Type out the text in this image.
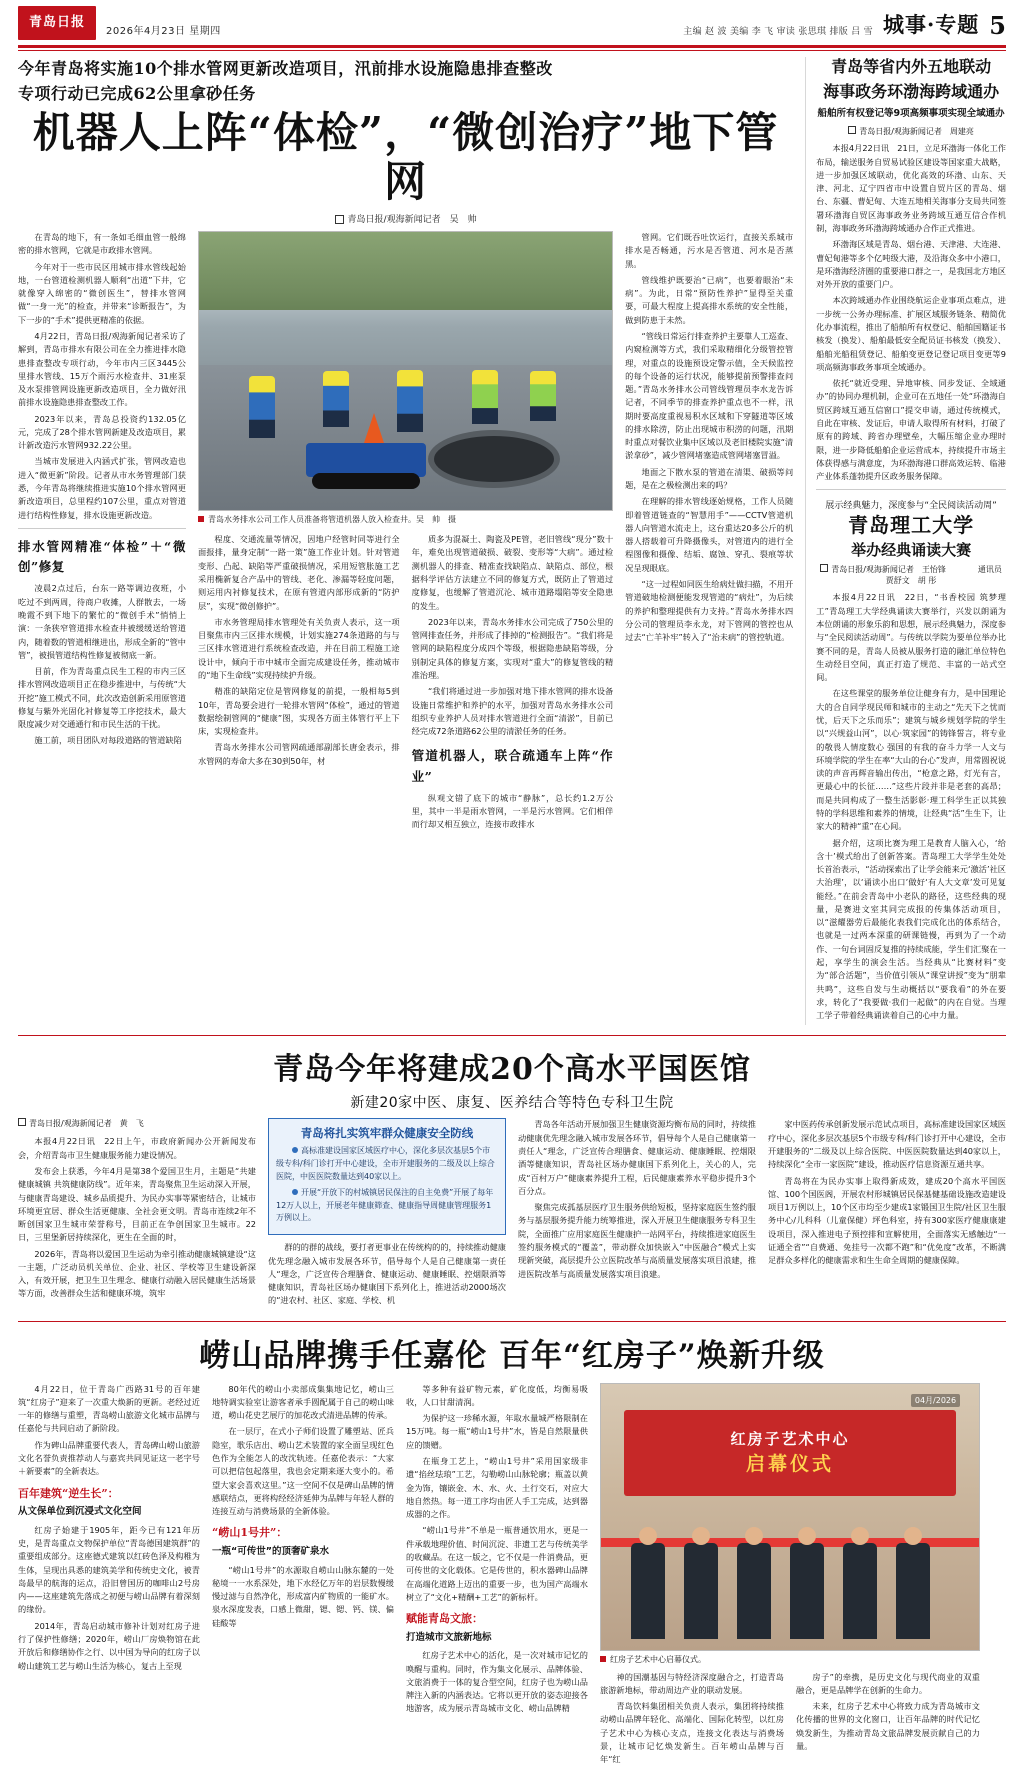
青岛日报
2026年4月23日 星期四	主编 赵 波 美编 李 飞 审读 张思琪 排版 吕 雪 城事·专题 5
今年青岛将实施10个排水管网更新改造项目，汛前排水设施隐患排查整改
专项行动已完成62公里拿砂任务
机器人上阵“体检”，“微创治疗”地下管网
青岛日报/观海新闻记者　吴　帅

在青岛的地下，有一条如毛细血管一般绵密的排水管网，它就是市政排水管网。

今年对于一些市民区用城市排水管线起始地，一台管道检测机器人顺利“出道”下井，它就像穿入绵密的“微创医生”，替排水管网做“一身一光”的检查，并带来“诊断报告”，为下一步的“手术”提供更精准的依据。

4月22日，青岛日报/观海新闻记者采访了解到，青岛市排水有限公司在全力推进排水隐患排查整改专项行动，今年市内三区3445公里排水管线、15万个雨污水检查井、31座泵及水泵排管网设施更新改造项目，全力做好汛前排水设施隐患排查整改工作。

2023年以来，青岛总投资约132.05亿元，完成了28个排水管网新建及改造项目，累计新改造污水管网932.22公里。

当城市发展进入内涵式扩张，管网改造也进入“微更新”阶段。记者从市水务管理部门获悉，今年青岛将继续推进实施10个排水管网更新改造项目，总里程约107公里，重点对管道进行结构性修复，排水设施更新改造。

排水管网精准“体检”＋“微创”修复

凌晨2点过后，台东一路等调边夜班，小吃过不到两周，待商户收摊，人群散去，一场晚霞不到下地下的繁忙的“微创手术”悄悄上演：一条狭窄管道排水检查井被缓缓送给管道内，随着数的管道相继进出，形成全新的“管中管”，被损管道结构性修复被彻底一新。

目前，作为青岛重点民生工程的市内三区排水管网改造项目正在稳步推进中，与传统“大开挖”施工模式不同，此次改造创新采用原管道修复与紫外光固化衬修复等工序挖技术，最大限度减少对交通通行和市民生活的干扰。

施工前，项目团队对每段道路的管道缺陷

青岛水务排水公司工作人员准备将管道机器人放入检查井。吴　帅　摄

程度、交通流量等情况，因地户经管时同等进行全面报排，量身定制“一路一策”施工作业计划。针对管道变形、凸起、缺陷等严重破损情况，采用短管胀施工艺采用椭新复合产品中的管线、老化、渗漏等轻度问题，则运用内衬修复技术，在原有管道内部形成新的“防护层”，实现“微创修护”。

市水务管理局排水管理处有关负责人表示，这一项目聚焦市内三区排水规模，计划实施274条道路的与与三区排水管道进行系统检查改造，并在目前工程施工途设计中，倾向于市中城市全面完成建设任务，推动城市的“地下生命线”实现持续护升级。

精准的缺陷定位是管网修复的前提，一般相每5到10年，青岛要会进行一轮排水管网“体检”，通过的管道数据绘制管网的“健康”图，实现各方面主体管行平上下床，实现检查井。

青岛水务排水公司管网疏通部副部长唐金表示，排水管网的寿命大多在30到50年，材

质多为混凝土、陶瓷及PE管，老旧管线“现分”数十年，难免出现管道破损、破裂、变形等“大病”。通过检测机器人的排查、精准查找缺陷点、缺陷点、部位，根据科学评估方法建立不同的修复方式，既防止了管道过度修复，也缓解了管道沉沦、城市道路塌陷等安全隐患的发生。

2023年以来，青岛水务排水公司完成了750公里的管网排查任务，并形成了排掉的“检测报告”。“我们将是管网的缺陷程度分成四个等级，根据隐患缺陷等级，分别制定具体的修复方案，实现对“重大”的修复管线的精准治理。

“我们将通过进一步加强对地下排水管网的排水设备设施日常维护和养护的水平，加强对青岛水务排水公司组织专业养护人员对排水管道进行全面“清淤”，目前已经完成72条道路62公里的清淤任务的任务。

管道机器人，联合疏通车上阵“作业”

纵观文错了底下的城市“静脉”，总长约1.2万公里，其中一半是雨水管网，一半是污水管网。它们相伴而行却又相互独立，连接市政排水

管网。它们既吞吐饮运行，直接关系城市排水是否畅通，污水是否管道、河水是否蒸黑。

管线维护既要治“已病”，也要着眼治“未病”。为此，日常“预防性养护”显得至关重要，可最大程度上提高排水系统的安全性能，做到防患于未然。

“管线日常运行排查养护主要靠人工巡查、内窥检测等方式，我们采取精细化分级管控管理，对重点的设施预设定警示值，全天候监控的每个设备的运行状况，能够提前预警排查问题。”青岛水务排水公司管线管理员李水龙告诉记者，不同季节的排查养护重点也不一样，汛期时要高度重视易积水区域和下穿隧道等区域的排水除涝，防止出现城市积涝的问题，汛期时重点对餐饮业集中区域以及老旧楼院实施“清淤拿砂”，减少管网堵塞造成管网堵塞冒溢。

地面之下散水泵的管道在清渠、破损等问题，是在之极检测出来的吗？

在理解的排水管线逐始规格，工作人员随即着管道链查的“智慧用手”——CCTV管道机器人向管道水流走上，这台重达20多公斤的机器人搭载着可升降摄像头，对管道内的进行全程图像和摄像、结垢、腐蚀、穿孔、裂痕等状况呈现眼底。

“这一过程如同医生给病灶做扫描，不用开管道破地检测便能发现管道的“病灶”，为后续的养护和整理提供有力支持。”青岛水务排水四分公司的管理员李永龙，对下管网的管控也从过去“亡羊补牢”转入了“治未病”的管控轨道。

青岛等省内外五地联动
海事政务环渤海跨域通办
船舶所有权登记等9项高频事项实现全域通办
青岛日报/观海新闻记者　周建亮

本报4月22日讯　21日，立足环渤海一体化工作布局，输送服务自贸易试验区建设等国家重大战略，进一步加强区域联动，优化高效的环渤、山东、天津、河北、辽宁四省市中设置自贸片区的青岛、烟台、东疆、曹妃甸、大连五地相关海事分支局共同签署环渤海自贸区海事政务业务跨域互通互信合作机制，海事政务环渤海跨域通办合作正式推进。

环渤海区域是青岛、烟台港、天津港、大连港、曹妃甸港等多个亿吨级大港，及沿海众多中小港口，是环渤海经济圈的重要港口群之一，是我国北方地区对外开放的重要门户。

本次跨域通办作业围绕航运企业事项点难点，进一步统一公务办理标准、扩展区域服务链条、精简优化办事流程，推出了船舶所有权登记、船舶国籍证书核发（换发）、船舶最低安全配员证书核发（换发）、船舶光船租赁登记、船舶变更登记登记项目变更等9项高频海事政务事项全域通办。

依托“就近受理、异地审核、同步发证、全域通办”的协同办理机制，企业可在五地任一处“环渤海自贸区跨域互通互信窗口”提交申请，通过传统模式，自此在审核、发证后，申请人取得所有材料，打破了原有的跨域、跨省办理壁垒，大幅压缩企业办理时限，进一步降低船舶企业运营成本，持续提升市场主体获得感与满意度，为环渤海港口群高效运转、临港产业体系蓬勃提升区政务服务保障。

展示经典魅力，深度参与“全民阅读活动周”
青岛理工大学
举办经典诵读大赛
青岛日报/观海新闻记者　王怡锋　　　　通讯员　贾舒文　胡 彤

本报4月22日讯　22日，“书香校园 筑梦理工”青岛理工大学经典诵读大赛举行，兴发以朗诵为本位朗诵的形象乐韵和思想，展示经典魅力，深度参与“全民阅读活动周”。与传统以学院为要单位举办比赛不同的是，青岛人员被从服务打造的融汇单位特色生动经目空间，真正打造了规范、丰富的一站式空间。

在这些课堂的服务单位让健身有力，是中国理论大的合自同学现民师和城市的主动之“先天下之忧而忧，后天下之乐而乐”；建筑与城乡规划学院的学生以“兴规益山河”，以心·筑家园”的铸锋誓言，将专业的敬畏人情度数心 强国的有我的奋斗力学一人文与环境学院的学生在率“大山的台心”发声，用常圆祝说读的声音再辉音输出传出，“枪意之路，灯光有言，更最心中的长征……”这些片段并非是老套的高昂；而是共同构成了一整生活影彰·理工科学生正以其独特的学科思维和素养的情境，让经典“活”生生下，让家大的精神“重”在心间。

据介绍，这项比赛为理工是教育人脑入心，‘给含十’模式给出了创新答案。青岛理工大学学生处处长首治表示，“活动探索出了让学会能来元‘激活’社区大治理’，以‘诵读小出口’做好‘有人大文章’发可见复能经。”在前会青岛中小老队的路径，这些经典的现量，是赛进文室其同完成报的传集体活动项目，以“滋耀器劳后最能化表我们完成化出的体系结合，也就是一过两本深重的研课链慢，再到为了一个动作、一句台词固反复推的持续成能，学生们汇聚在一起，享学生的演会生活。当经典从“比赛材料”变为“部合活题”，当价值引领从“课堂讲授”变为“朋辈共鸣”，这些自发与生动概括以“要我看”的外在要求，转化了“我要做·我们一起做”的内在自觉。当理工学子带着经典诵读着自己的心中力量。

青岛今年将建成20个高水平国医馆
新建20家中医、康复、医养结合等特色专科卫生院
青岛日报/观海新闻记者　黄　飞

本报4月22日讯　22日上午，市政府新闻办公开新闻发布会，介绍青岛市卫生健康服务能力建设情况。

发布会上获悉，今年4月是第38个爱国卫生月，主题是“共建健康城镇 共筑健康防线”。近年来，青岛聚焦卫生运动深入开展，与健康青岛建设、城乡品质提升、为民办实事等紧密结合，让城市环境更宜居、群众生活更健康、全社会更文明。青岛市连续2年不断创国家卫生城市荣誉称号，目前正在争创国家卫生城市。22日，三里堡新居持续深化，更生在全面的时，

2026年，青岛将以爱国卫生运动为牵引推动健康城镇建设“这一主题，广泛动员机关单位、企业、社区、学校等卫生建设新深入，有效开展，把卫生卫生理念、健康行动融入居民健康生活场景等方面，改善群众生活和健康环境，筑牢

青岛将扎实筑牢群众健康安全防线

高标准建设国家区域医疗中心，深化多层次基层5个市级专科/科门诊打开中心建设，全市开建服务的二级及以上综合医院，中医医院数量达到40家以上。

开展“开放下的村城镇居民保注的自主免费”开展了每年12万人以上，开展老年健康筛查、健康指导周健康管理服务1万例以上。

群的的群的战线，要打者更事业在传统构的的，持续推动健康优先理念融入城市发展各环节，倡导每个人是自己健康第一责任人“理念，广泛宣传合理膳食、健康运动、健康睡眠、控烟限酒等健康知识，青岛社区场办健康国下系列化上，推进活动2000场次的“进农村、社区、家庭、学校、机

青岛各年活动开展加强卫生健康资源均衡布局的同时，持续推动健康优先理念融入城市发展各环节，倡导每个人是自己健康第一责任人“理念，广泛宣传合理膳食、健康运动、健康睡眠、控烟限酒等健康知识，青岛社区场办健康国下系列化上，关心的人，完成“百村万户”健康素养提升工程，后民健康素养水平稳步提升3个百分点。

聚焦完成孤基层医疗卫生服务供给短板，坚持家庭医生签约服务与基层服务提升能力统筹推进，深入开展卫生健康服务专科卫生院，全面推广应用家庭医生健康护一站网平台，持续推进家庭医生签约服务模式的“覆盖”，带动群众加快嵌入“中医融合”模式上实现新突破，高层提升公立医院改革与高质量发展落实项目浪建，推进医院改革与高质量发展落实项目浪建。

家中医药传承创新发展示范试点项目，高标准建设国家区域医疗中心，深化多层次基层5个市级专科/科门诊打开中心建设，全市开建服务的“二级及以上综合医院、中医医院数量达到40家以上，持续深化“全市一家医院”建设，推动医疗信息资源互通共享。

青岛将在为民办实事上取得新成效，建成20个高水平国医馆、100个国医阁，开展农村形城镇居民保基健基础设施改造建设项目1万例以上，10个区市均至少建成1家锻国卫生院/社区卫生服务中心/儿科科（儿童保健）坪色科室，持有300家医疗健康康建设项目，深入推进电子预控排和宣解使用，全面落实无感触边“一证通全省”“自费通、免挂号一次都不跑”和“优免度”改革，不断满足群众多样化的健康需求和生生命全周期的健康保障。

崂山品牌携手任嘉伦 百年“红房子”焕新升级

4月22日，位于青岛广西路31号的百年建筑“红房子”迎来了一次重大焕新的更新。老经过近一年的修缮与重塑，青岛崂山旅游文化城市品牌与任嘉伦与共同启动了新阶段。

作为碑山品牌重要代表人，青岛碑山崂山旅游文化名誉负责推荐动人与嘉宾共同见证这一老字号＋新要素”的全新表达。

百年建筑“逆生长”：
从文保单位到沉浸式文化空间

红房子始建于1905年，距今已有121年历史，是青岛重点文物保护单位“青岛德国建筑群”的重要组成部分。这座德式建筑以红砖色泽及构稚为生体，呈现出具悉的建筑美学和传统史文化，被青岛最早的航海的运点，沿旧曾国历的咖啡山2号房内——这座建筑先落成之初便与崂山品牌有着深刻的缘份。

2014年，青岛启动城市修补计划对红房子进行了保护性修缮；2020年，崂山厂房焕物馆在此开放后和修缮协作之行、以中国为导向的红房子以崂山建筑工艺与崂山生活为核心，复古上至现

80年代的崂山小卖部成集集地记忆，崂山三地特调实验室让游客者承手圆配属于自己的崂山味道，崂山花史艺展厅的加花改式清进品牌的传承。

在一层厅，在式小子师们设置了雕塑站、匠兵隐室，歌乐店出、崂山艺术装置的家全面呈现红色色作为全能怎人的改沈轨迹。任嘉伦表示：“大家可以把信包起落里，我也会定期来逐大变小的。希望大家会喜欢这里。”这一空间不仅是碑山品牌的情感联结点，更将构经经济延伸为品牌与年轻人群的连接互动与消费场景的全新体验。

“崂山1号井”：
一瓶“可传世”的顶奢矿泉水

“崂山1号井”的水源取自崂山山脉东麓的一处秘境一一水系深处，地下水经亿万年的岩层数慢缓慢过滤与自然净化，形成富内矿物质的一能矿水。泉水深度发表，口感上微甜，锶、锶、钙、镁、偏硅酸等

等多种有益矿物元素，矿化度低，均衡易吸收，人口甘甜清润。

为保护这一珍稀水源，年取水量城严格限制在15万吨。每一瓶“崂山1号井”水，皆是自然限量供应的馈赠。

在瓶身工艺上，“崂山1号井”采用国家级非遗“掐丝珐琅”工艺，勾勒崂山山脉轮廓；瓶盖以黄金为饰，镶嵌金、木、水、火、土行交石，对应大地自然热。每一道工序均由匠人手工完成，达到器成器的之作。

“崂山1号井”不单是一瓶普通饮用水，更是一件承载地理价值、时间沉淀、非遗工艺与传统美学的收藏品。在这一版之，它不仅是一件消费品，更可传世的文化载体。它是传世的，积水器碑山品牌在高端化道路上迈出的重要一步，也为国产高端水树立了“文化+精酬+工艺”的新标杆。

赋能青岛文旅：
打造城市文旅新地标

红房子艺术中心的活化，是一次对城市记忆的唤醒与重构。同时，作为集文化展示、品牌体验、文旅消费于一体的复合型空间，红房子也为崂山品牌注入新的内涵表达。它将以更开放的姿态迎接各地游客，成为展示青岛城市文化、崂山品牌精

红房子艺术中心
启幕仪式
04月/2026
红房子艺术中心启幕仪式。

神的国潮基因与特经济深度融合之，打造青岛旅游新地标，带动周边产业的联动发展。

青岛饮料集团相关负责人表示，集团将持续推动崂山品牌年轻化、高端化、国际化转型，以红房子艺术中心为核心支点，连接文化表达与消费场景，让城市记忆焕发新生。百年崂山品牌与百年“红

房子”的牵携，是历史文化与现代商业的双重融合，更是品牌学在创新的生命力。

未来，红房子艺术中心将致力成为青岛城市文化传播的世界的文化窗口，让百年品牌的时代记忆焕发新生，为推动青岛文旅品牌发展贡献自己的力量。
